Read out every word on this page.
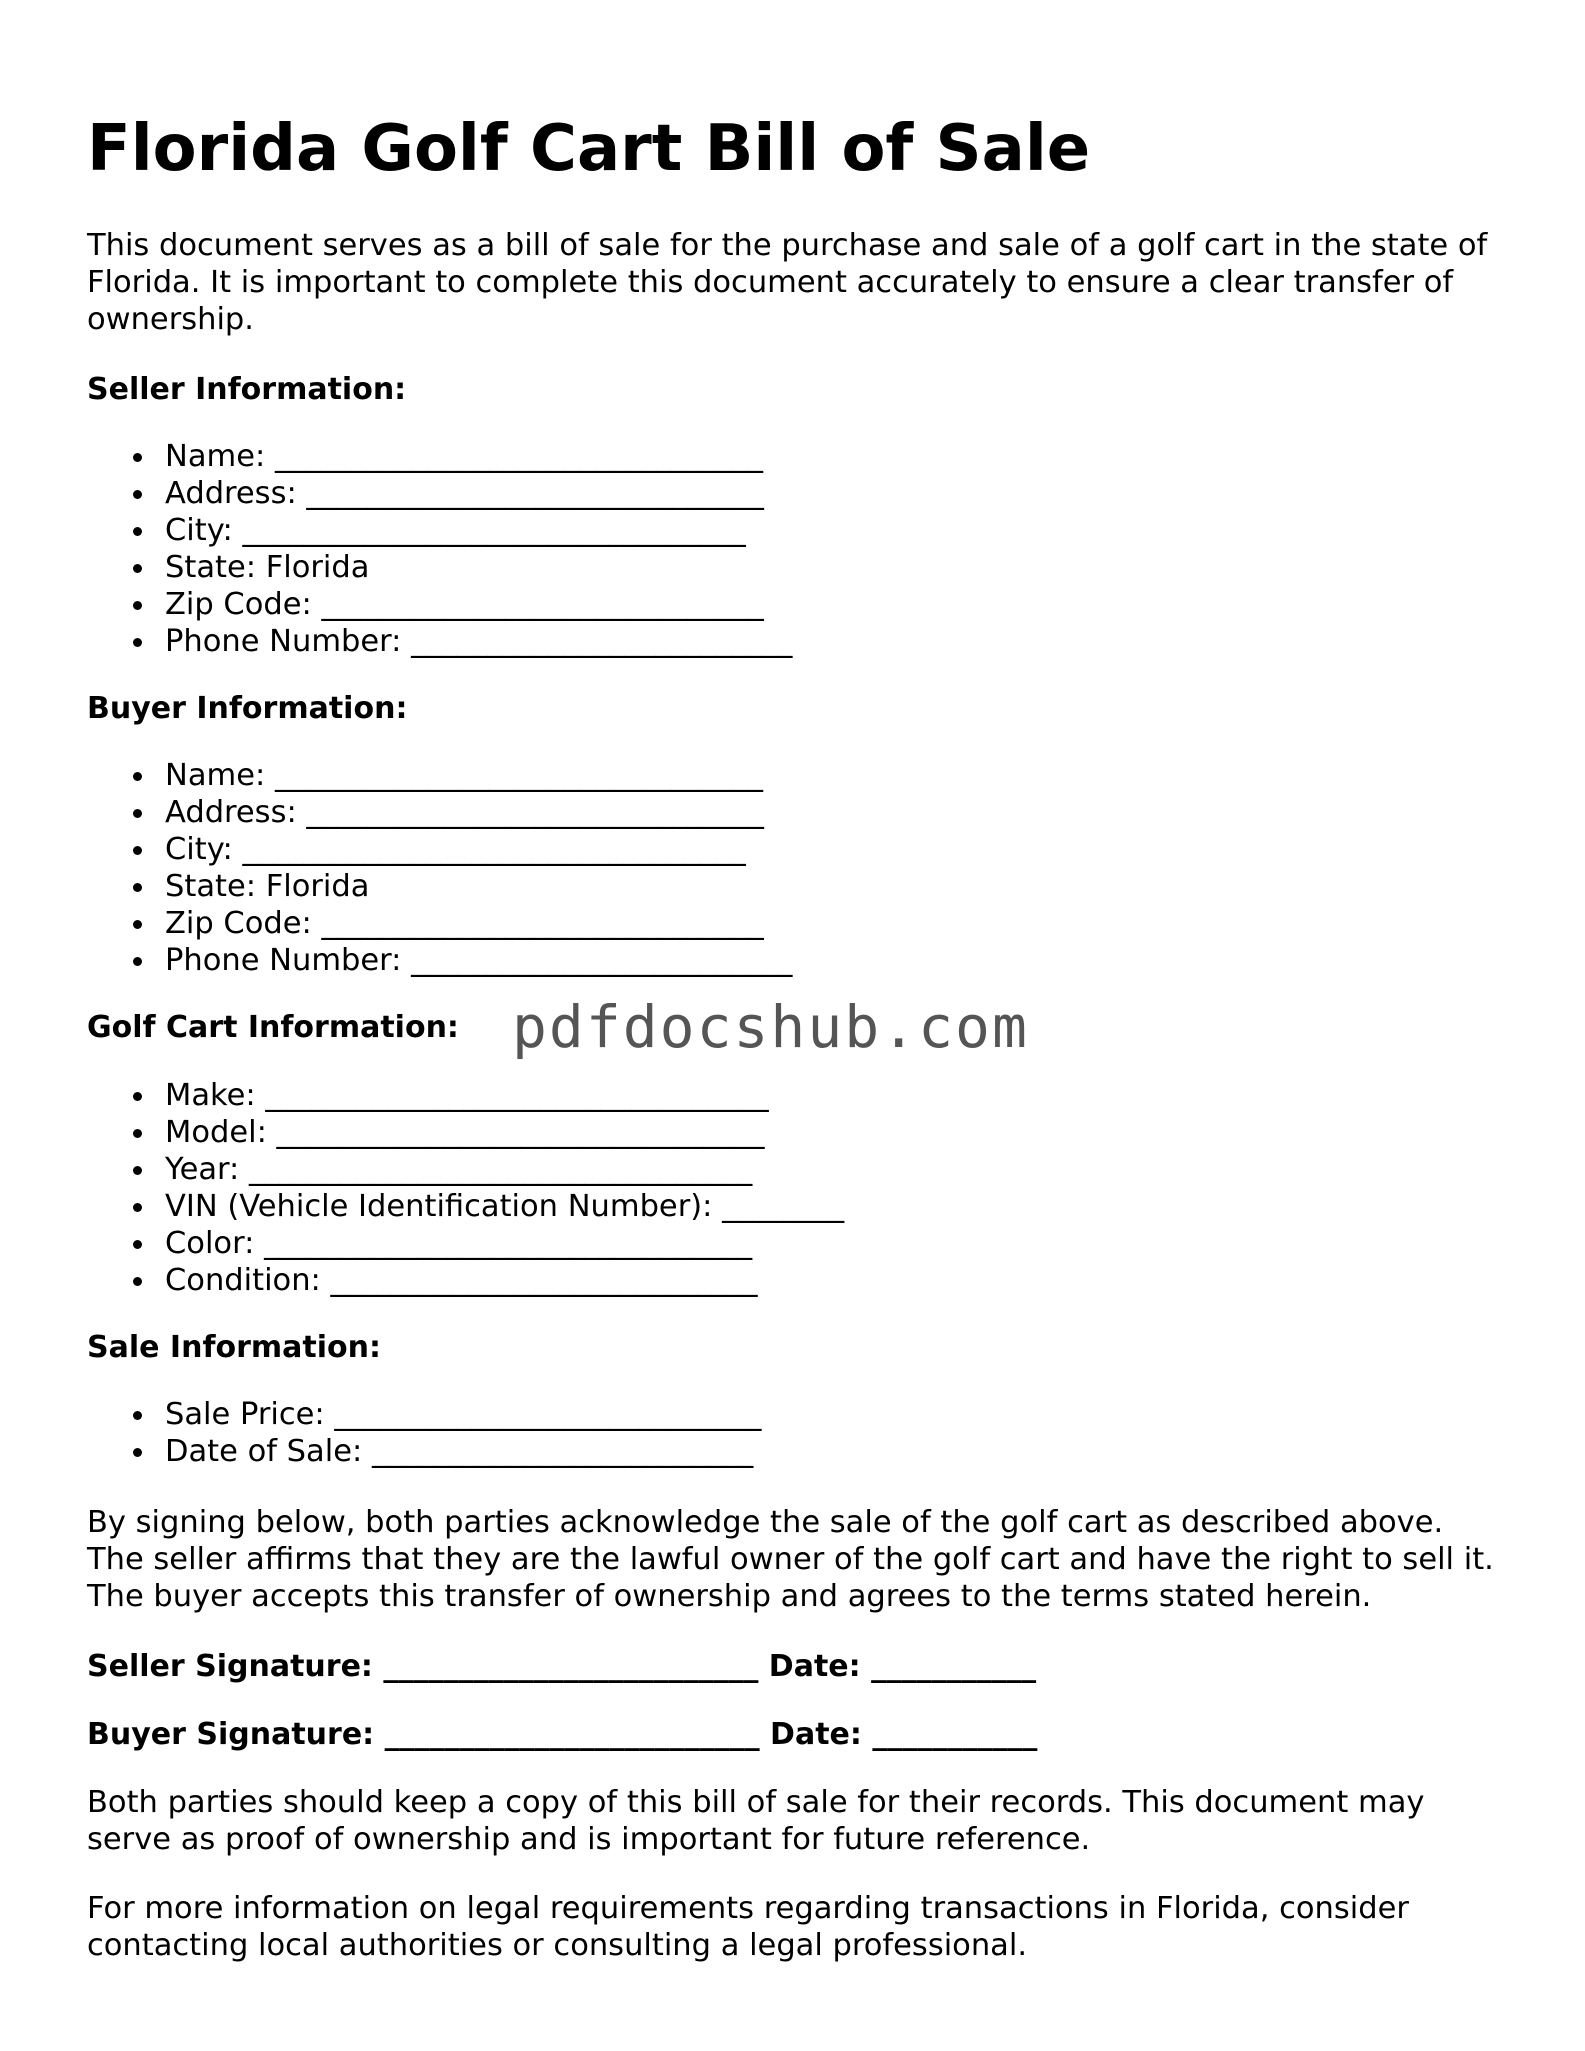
Florida Golf Cart Bill of Sale

This document serves as a bill of sale for the purchase and sale of a golf cart in the state of Florida. It is important to complete this document accurately to ensure a clear transfer of ownership.

Seller Information:
Name: ________________________________
Address: ______________________________
City: _________________________________
State: Florida
Zip Code: _____________________________
Phone Number: _________________________
Buyer Information:
Name: ________________________________
Address: ______________________________
City: _________________________________
State: Florida
Zip Code: _____________________________
Phone Number: _________________________
Golf Cart Information:
Make: _________________________________
Model: ________________________________
Year: _________________________________
VIN (Vehicle Identification Number): ________
Color: ________________________________
Condition: ____________________________
Sale Information:
Sale Price: ____________________________
Date of Sale: _________________________

By signing below, both parties acknowledge the sale of the golf cart as described above. The seller affirms that they are the lawful owner of the golf cart and have the right to sell it. The buyer accepts this transfer of ownership and agrees to the terms stated herein.

Seller Signature: _________________________ Date: ___________

Buyer Signature: _________________________ Date: ___________

Both parties should keep a copy of this bill of sale for their records. This document may serve as proof of ownership and is important for future reference.

For more information on legal requirements regarding transactions in Florida, consider contacting local authorities or consulting a legal professional.

pdfdocshub.com
